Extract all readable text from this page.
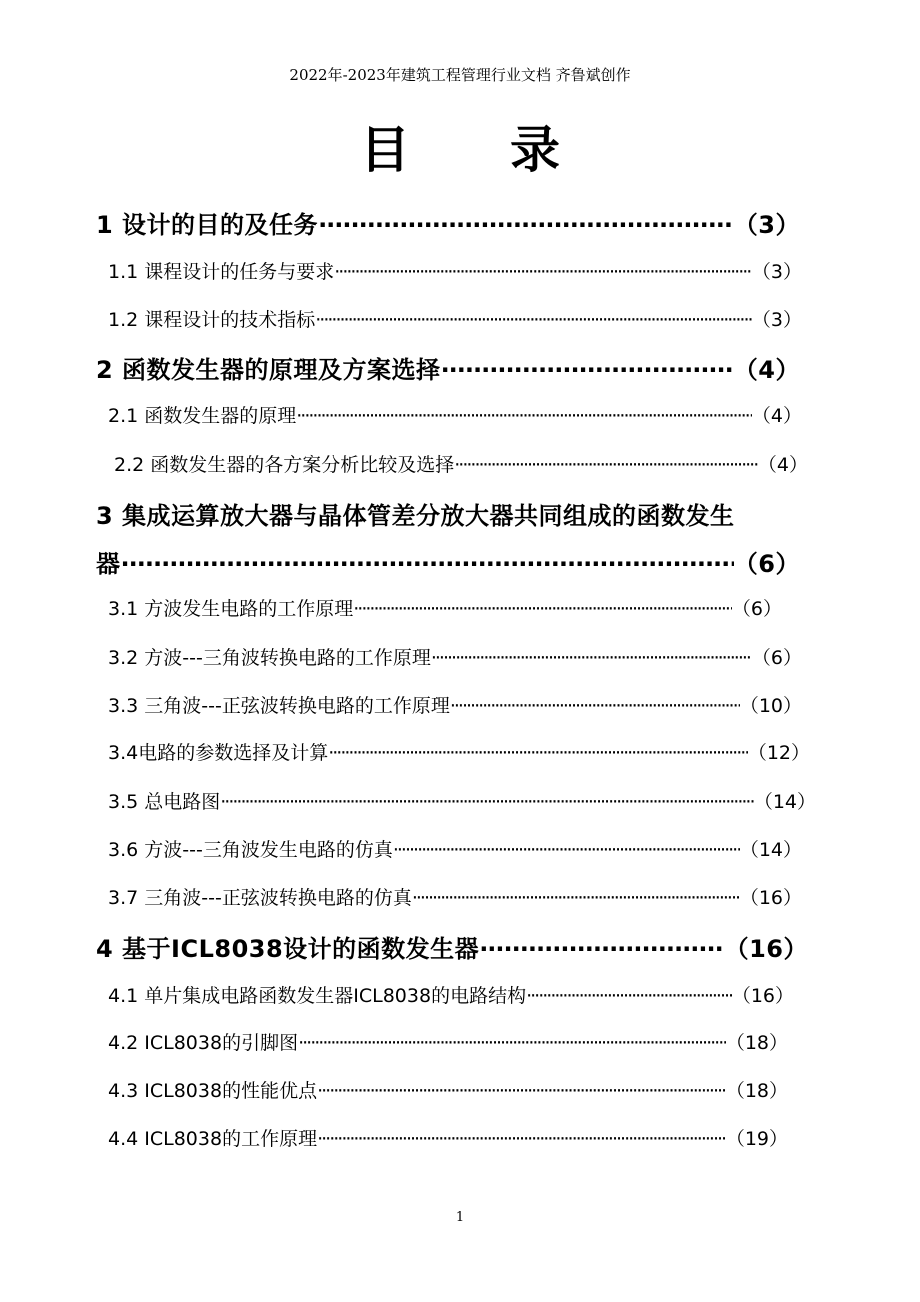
2022年-2023年建筑工程管理行业文档 齐鲁斌创作
目 录
1 设计的目的及任务 ·····	（3）
1.1 课程设计的任务与要求 ·····	（3）
1.2 课程设计的技术指标 ·····	（3）
2 函数发生器的原理及方案选择 ·····	（4）
2.1 函数发生器的原理 ·····	（4）
2.2 函数发生器的各方案分析比较及选择 ·····	（4）
3 集成运算放大器与晶体管差分放大器共同组成的函数发生
器 ·····	（6）
3.1 方波发生电路的工作原理 ·····	（6）
3.2 方波---三角波转换电路的工作原理 ·····	（6）
3.3 三角波---正弦波转换电路的工作原理 ·····	（10）
3.4电路的参数选择及计算 ·····	（12）
3.5 总电路图 ·····	（14）
3.6 方波---三角波发生电路的仿真 ·····	（14）
3.7 三角波---正弦波转换电路的仿真 ·····	（16）
4 基于ICL8038设计的函数发生器 ·····	（16）
4.1 单片集成电路函数发生器ICL8038的电路结构 ·····	（16）
4.2 ICL8038的引脚图 ·····	（18）
4.3 ICL8038的性能优点 ·····	（18）
4.4 ICL8038的工作原理 ·····	（19）
1
